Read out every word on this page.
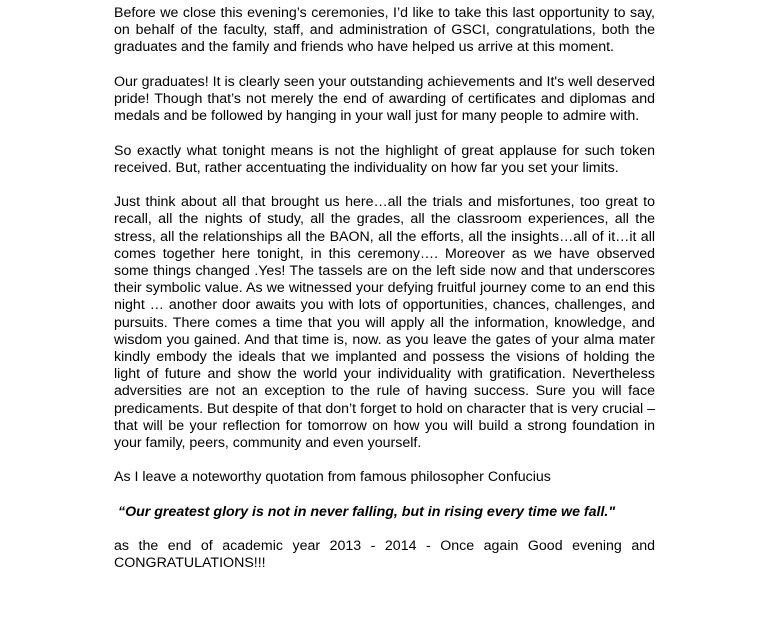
Before we close this evening’s ceremonies, I’d like to take this last opportunity to say, on behalf of the faculty, staff, and administration of GSCI, congratulations, both the graduates and the family and friends who have helped us arrive at this moment.

Our graduates! It is clearly seen your outstanding achievements and It's well deserved pride! Though that’s not merely the end of awarding of certificates and diplomas and medals and be followed by hanging in your wall just for many people to admire with.

So exactly what tonight means is not the highlight of great applause for such token received. But, rather accentuating the individuality on how far you set your limits.

Just think about all that brought us here…all the trials and misfortunes, too great to recall, all the nights of study, all the grades, all the classroom experiences, all the stress, all the relationships all the BAON, all the efforts, all the insights…all of it…it all comes together here tonight, in this ceremony…. Moreover as we have observed some things changed .Yes! The tassels are on the left side now and that underscores their symbolic value. As we witnessed your defying fruitful journey come to an end this night … another door awaits you with lots of opportunities, chances, challenges, and pursuits. There comes a time that you will apply all the information, knowledge, and wisdom you gained. And that time is, now. as you leave the gates of your alma mater kindly embody the ideals that we implanted and possess the visions of holding the light of future and show the world your individuality with gratification. Nevertheless adversities are not an exception to the rule of having success. Sure you will face predicaments. But despite of that don’t forget to hold on character that is very crucial – that will be your reflection for tomorrow on how you will build a strong foundation in your family, peers, community and even yourself.

As I leave a noteworthy quotation from famous philosopher Confucius

“Our greatest glory is not in never falling, but in rising every time we fall."

as the end of academic year 2013 - 2014 - Once again Good evening and CONGRATULATIONS!!!
